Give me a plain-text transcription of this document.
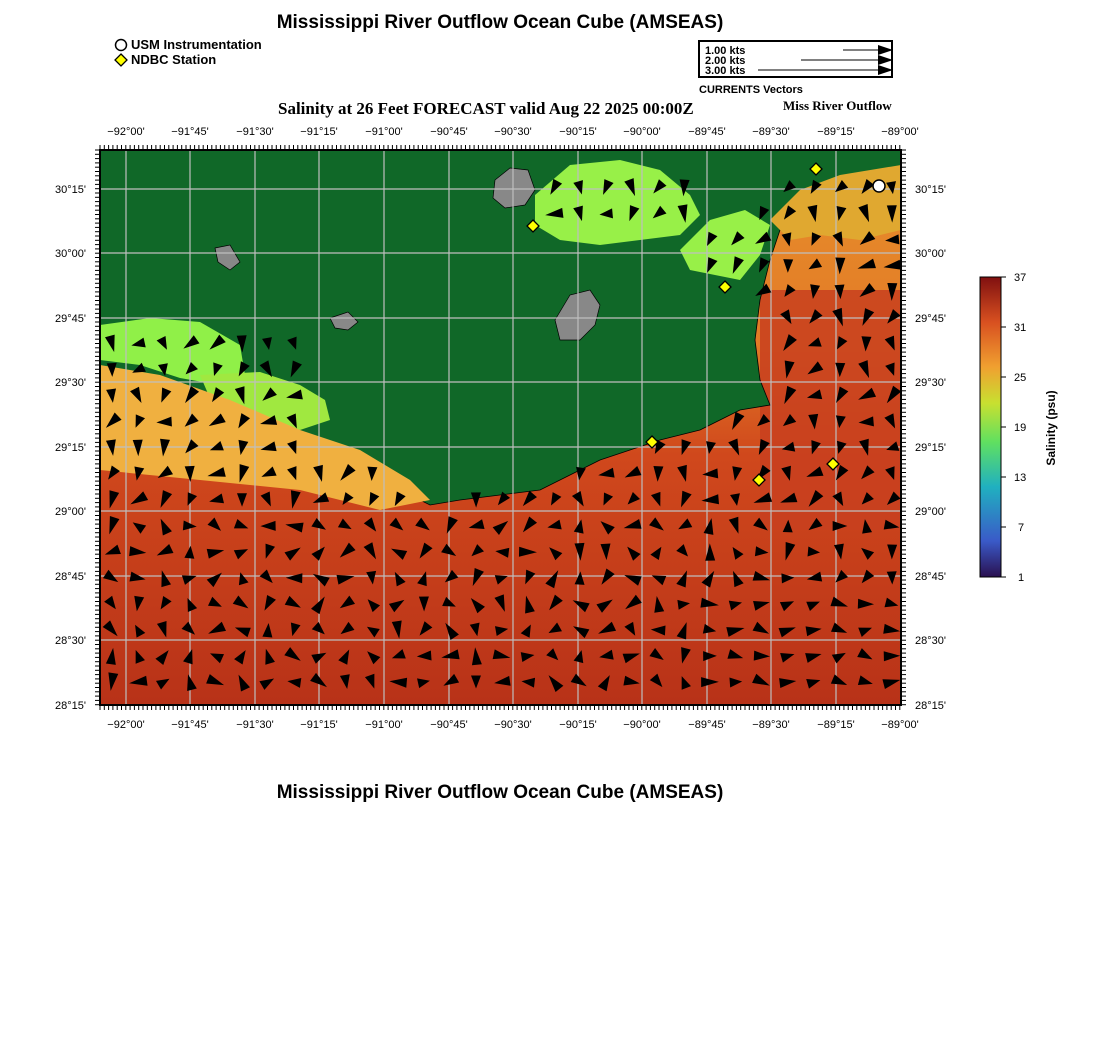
Mississippi River Outflow Ocean Cube (AMSEAS)
USM Instrumentation
NDBC Station
1.00 kts
2.00 kts
3.00 kts
CURRENTS Vectors
Salinity at 26 Feet FORECAST valid Aug 22 2025 00:00Z	Miss River Outflow
−92°00' −91°45'	−91°30' −91°15'	−91°00'	−90°45' −90°30'	−90°15' −90°00'	−89°45' −89°30'	−89°15' −89°00'
−92°00' −91°45'	−91°30' −91°15'	−91°00'	−90°45' −90°30'	−90°15' −90°00'	−89°45' −89°30'	−89°15' −89°00'
30°15'
30°00'
29°45'
29°30'
29°15'
29°00'
28°45'
28°30'
28°15'
30°15'
30°00'
29°45'
29°30'
29°15'
29°00'
28°45'
28°30'
28°15'
37
31
25
19
13
7
1
Salinity (psu)
Mississippi River Outflow Ocean Cube (AMSEAS)
